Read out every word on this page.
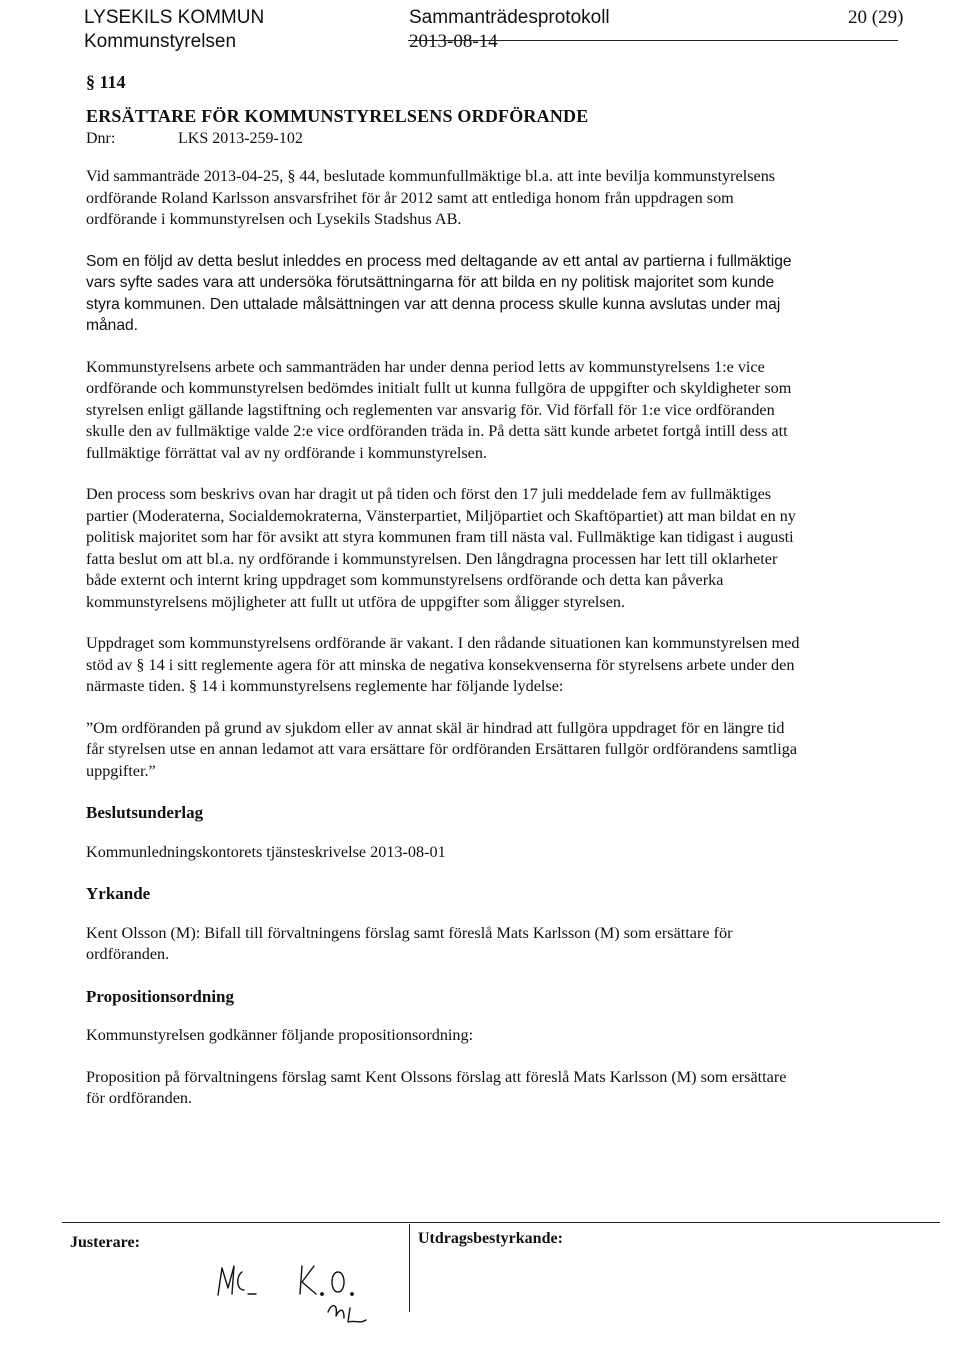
LYSEKILS KOMMUN
Kommunstyrelsen
Sammanträdesprotokoll
2013-08-14
20 (29)
§ 114
ERSÄTTARE FÖR KOMMUNSTYRELSENS ORDFÖRANDE
Dnr:	LKS 2013-259-102

Vid sammanträde 2013-04-25, § 44, beslutade kommunfullmäktige bl.a. att inte bevilja kommunstyrelsens ordförande Roland Karlsson ansvarsfrihet för år 2012 samt att entlediga honom från uppdragen som ordförande i kommunstyrelsen och Lysekils Stadshus AB.

Som en följd av detta beslut inleddes en process med deltagande av ett antal av partierna i fullmäktige vars syfte sades vara att undersöka förutsättningarna för att bilda en ny politisk majoritet som kunde styra kommunen. Den uttalade målsättningen var att denna process skulle kunna avslutas under maj månad.

Kommunstyrelsens arbete och sammanträden har under denna period letts av kommunstyrelsens 1:e vice ordförande och kommunstyrelsen bedömdes initialt fullt ut kunna fullgöra de uppgifter och skyldigheter som styrelsen enligt gällande lagstiftning och reglementen var ansvarig för. Vid förfall för 1:e vice ordföranden skulle den av fullmäktige valde 2:e vice ordföranden träda in. På detta sätt kunde arbetet fortgå intill dess att fullmäktige förrättat val av ny ordförande i kommunstyrelsen.

Den process som beskrivs ovan har dragit ut på tiden och först den 17 juli meddelade fem av fullmäktiges partier (Moderaterna, Socialdemokraterna, Vänsterpartiet, Miljöpartiet och Skaftöpartiet) att man bildat en ny politisk majoritet som har för avsikt att styra kommunen fram till nästa val. Fullmäktige kan tidigast i augusti fatta beslut om att bl.a. ny ordförande i kommunstyrelsen. Den långdragna processen har lett till oklarheter både externt och internt kring uppdraget som kommunstyrelsens ordförande och detta kan påverka kommunstyrelsens möjligheter att fullt ut utföra de uppgifter som åligger styrelsen.

Uppdraget som kommunstyrelsens ordförande är vakant. I den rådande situationen kan kommunstyrelsen med stöd av § 14 i sitt reglemente agera för att minska de negativa konsekvenserna för styrelsens arbete under den närmaste tiden. § 14 i kommunstyrelsens reglemente har följande lydelse:

”Om ordföranden på grund av sjukdom eller av annat skäl är hindrad att fullgöra uppdraget för en längre tid får styrelsen utse en annan ledamot att vara ersättare för ordföranden Ersättaren fullgör ordförandens samtliga uppgifter.”

Beslutsunderlag

Kommunledningskontorets tjänsteskrivelse 2013-08-01

Yrkande

Kent Olsson (M): Bifall till förvaltningens förslag samt föreslå Mats Karlsson (M) som ersättare för ordföranden.

Propositionsordning

Kommunstyrelsen godkänner följande propositionsordning:

Proposition på förvaltningens förslag samt Kent Olssons förslag att föreslå Mats Karlsson (M) som ersättare för ordföranden.

Justerare:	Utdragsbestyrkande:
